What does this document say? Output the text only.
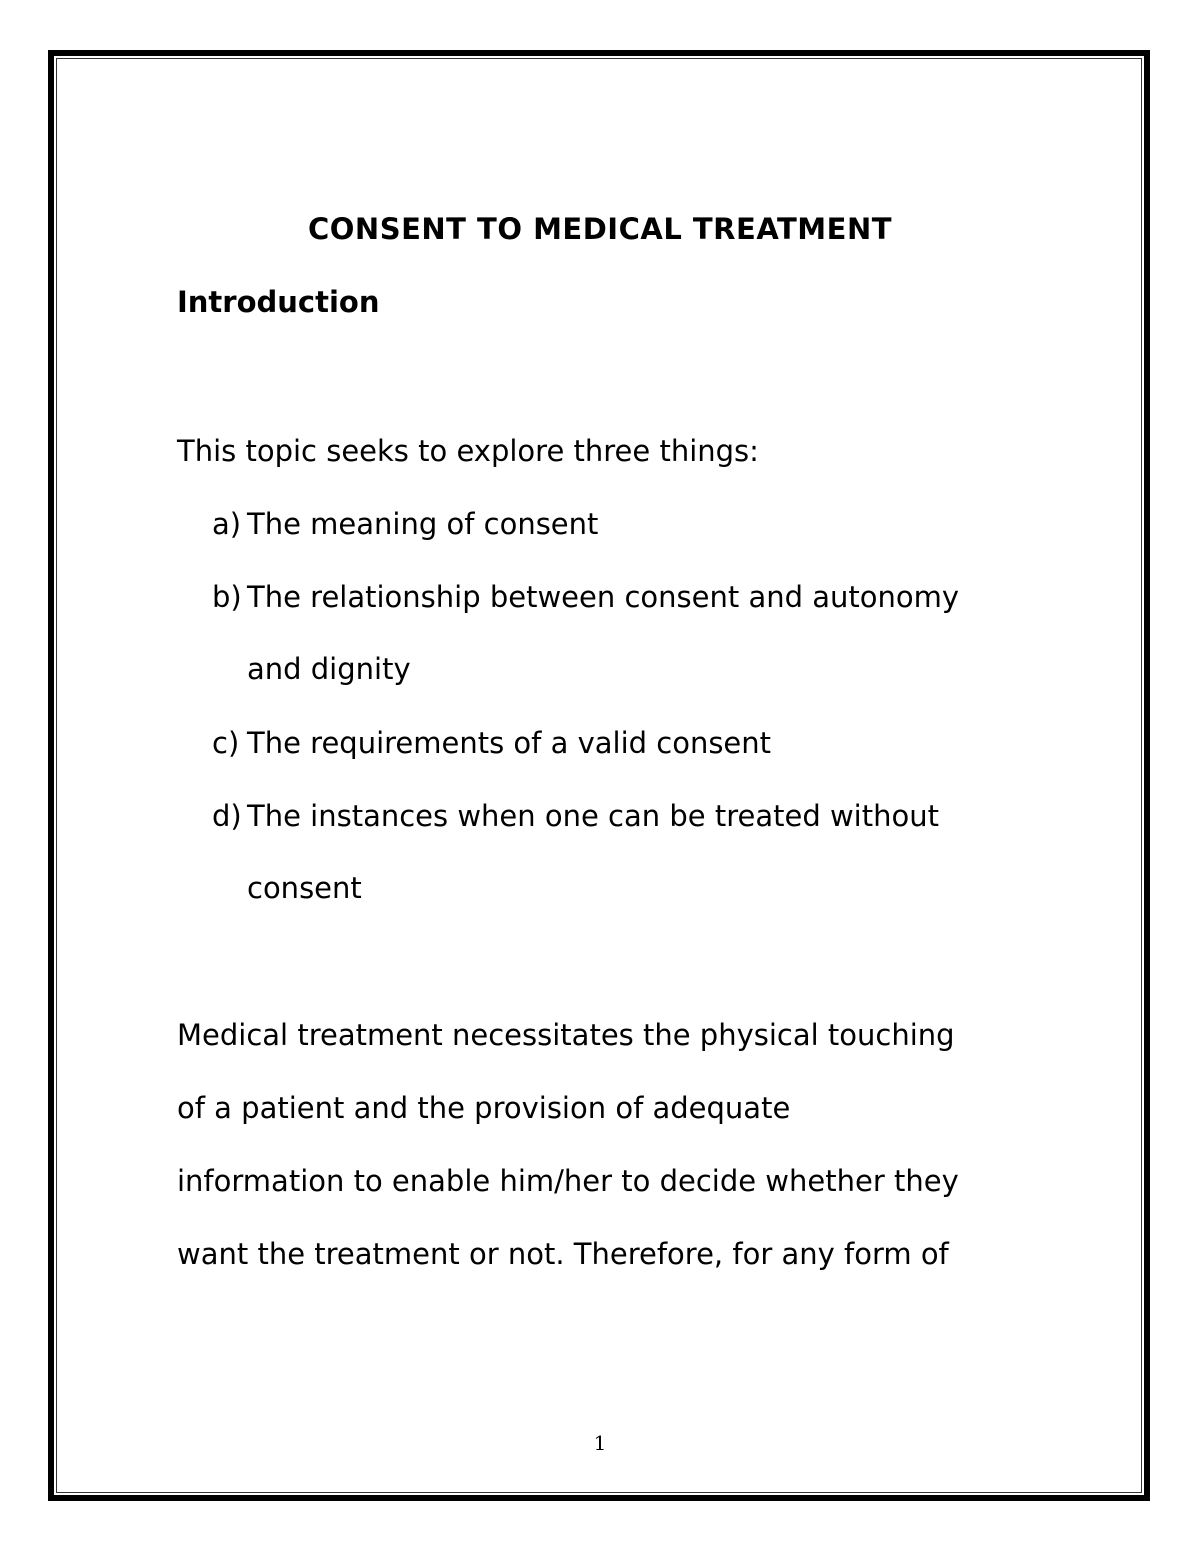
CONSENT TO MEDICAL TREATMENT
Introduction

This topic seeks to explore three things:

a) The meaning of consent

b) The relationship between consent and autonomy

and dignity

c) The requirements of a valid consent

d) The instances when one can be treated without

consent

Medical treatment necessitates the physical touching

of a patient and the provision of adequate

information to enable him/her to decide whether they

want the treatment or not. Therefore, for any form of

1
